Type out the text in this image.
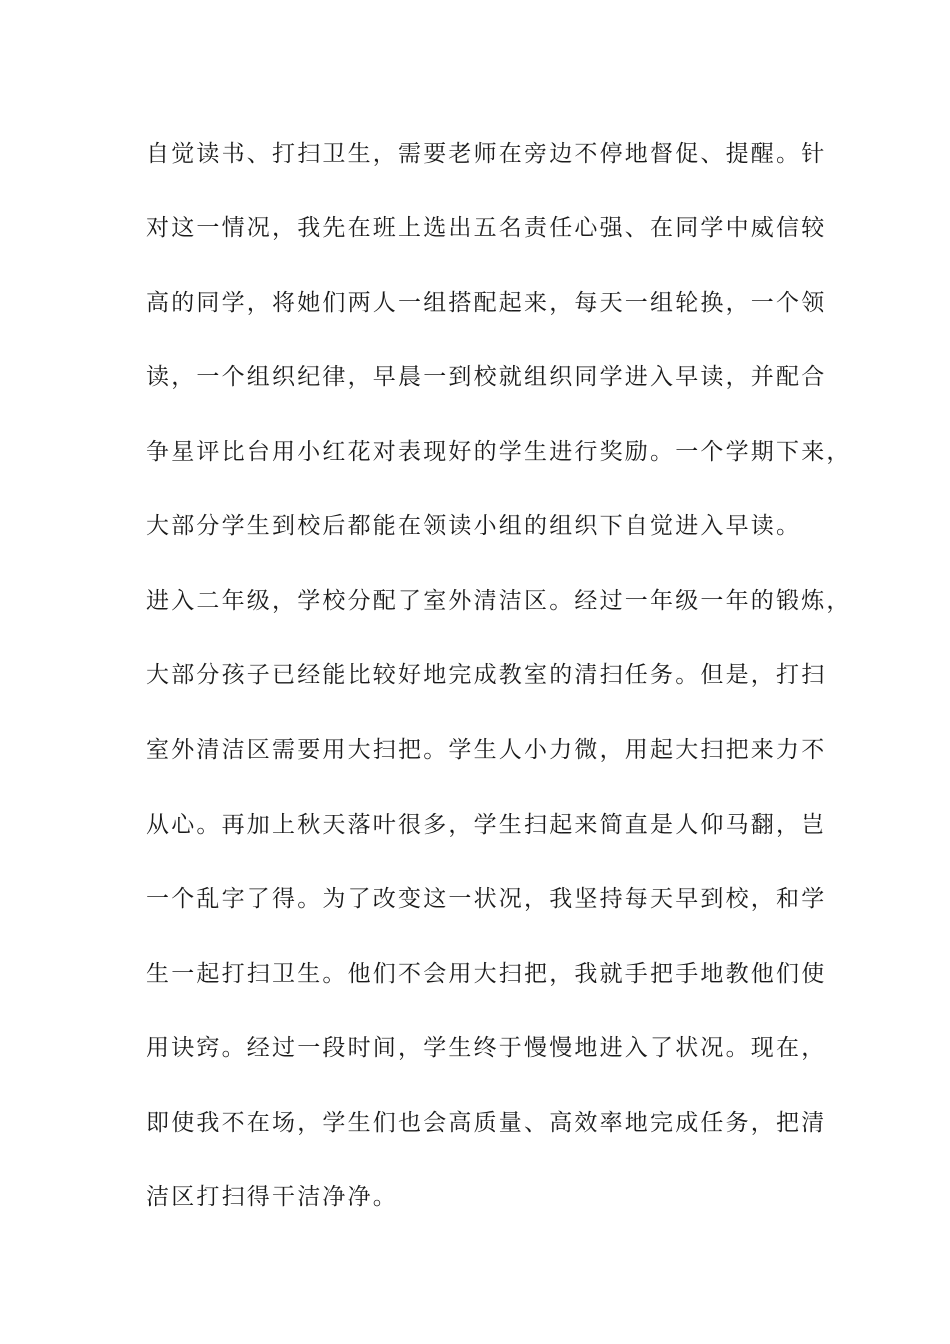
自觉读书、打扫卫生，需要老师在旁边不停地督促、提醒。针
对这一情况，我先在班上选出五名责任心强、在同学中威信较
高的同学，将她们两人一组搭配起来，每天一组轮换，一个领
读，一个组织纪律，早晨一到校就组织同学进入早读，并配合
争星评比台用小红花对表现好的学生进行奖励。一个学期下来，
大部分学生到校后都能在领读小组的组织下自觉进入早读。
进入二年级，学校分配了室外清洁区。经过一年级一年的锻炼，
大部分孩子已经能比较好地完成教室的清扫任务。但是，打扫
室外清洁区需要用大扫把。学生人小力微，用起大扫把来力不
从心。再加上秋天落叶很多，学生扫起来简直是人仰马翻，岂
一个乱字了得。为了改变这一状况，我坚持每天早到校，和学
生一起打扫卫生。他们不会用大扫把，我就手把手地教他们使
用诀窍。经过一段时间，学生终于慢慢地进入了状况。现在，
即使我不在场，学生们也会高质量、高效率地完成任务，把清
洁区打扫得干洁净净。
